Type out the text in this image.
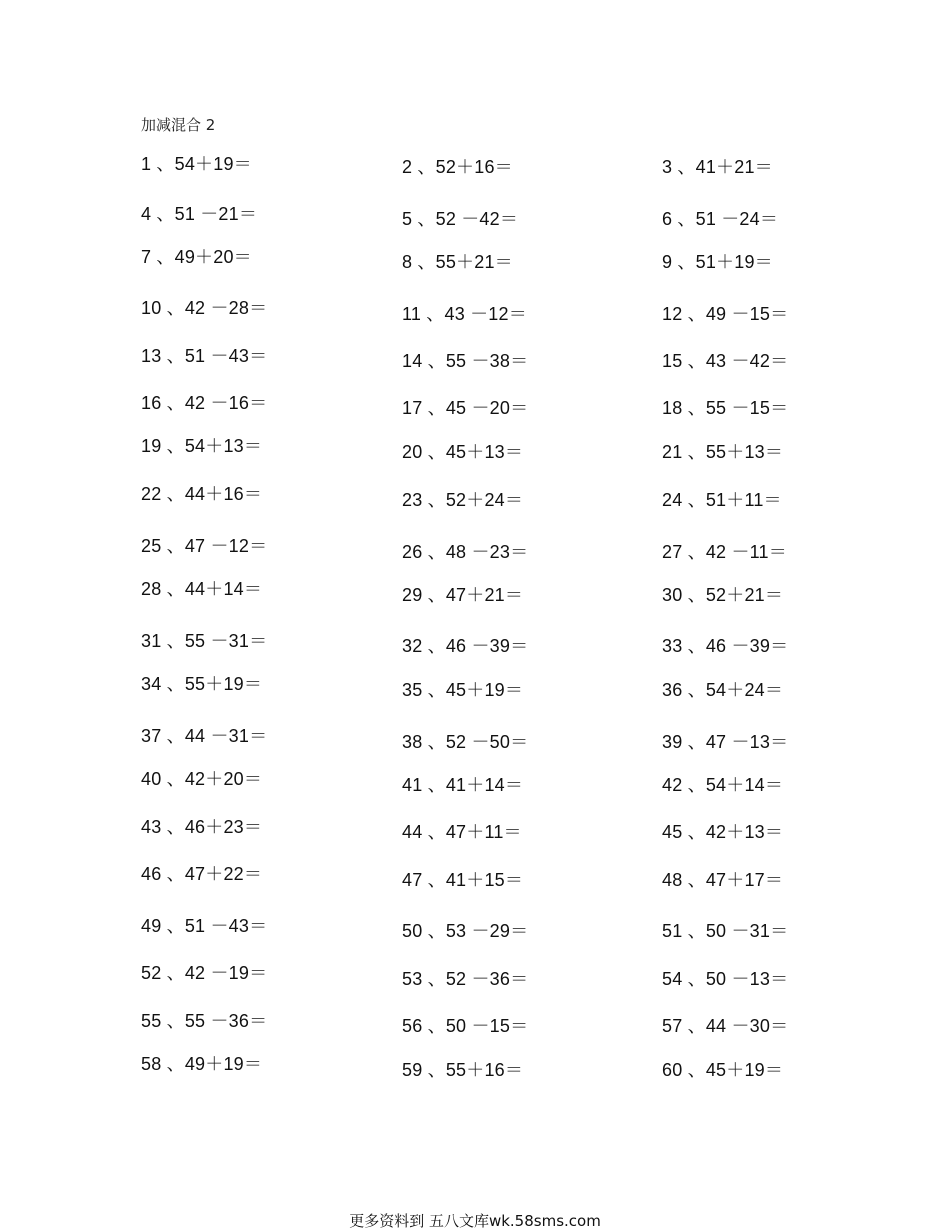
加减混合 2
1 、54＋19＝	2 、52＋16＝	3 、41＋21＝
4 、51 －21＝	5 、52 －42＝	6 、51 －24＝
7 、49＋20＝	8 、55＋21＝	9 、51＋19＝
10 、42 －28＝	11 、43 －12＝	12 、49 －15＝
13 、51 －43＝	14 、55 －38＝	15 、43 －42＝
16 、42 －16＝	17 、45 －20＝	18 、55 －15＝
19 、54＋13＝	20 、45＋13＝	21 、55＋13＝
22 、44＋16＝	23 、52＋24＝	24 、51＋11＝
25 、47 －12＝	26 、48 －23＝	27 、42 －11＝
28 、44＋14＝	29 、47＋21＝	30 、52＋21＝
31 、55 －31＝	32 、46 －39＝	33 、46 －39＝
34 、55＋19＝	35 、45＋19＝	36 、54＋24＝
37 、44 －31＝	38 、52 －50＝	39 、47 －13＝
40 、42＋20＝	41 、41＋14＝	42 、54＋14＝
43 、46＋23＝	44 、47＋11＝	45 、42＋13＝
46 、47＋22＝	47 、41＋15＝	48 、47＋17＝
49 、51 －43＝	50 、53 －29＝	51 、50 －31＝
52 、42 －19＝	53 、52 －36＝	54 、50 －13＝
55 、55 －36＝	56 、50 －15＝	57 、44 －30＝
58 、49＋19＝	59 、55＋16＝	60 、45＋19＝
更多资料到 五八文库wk.58sms.com
